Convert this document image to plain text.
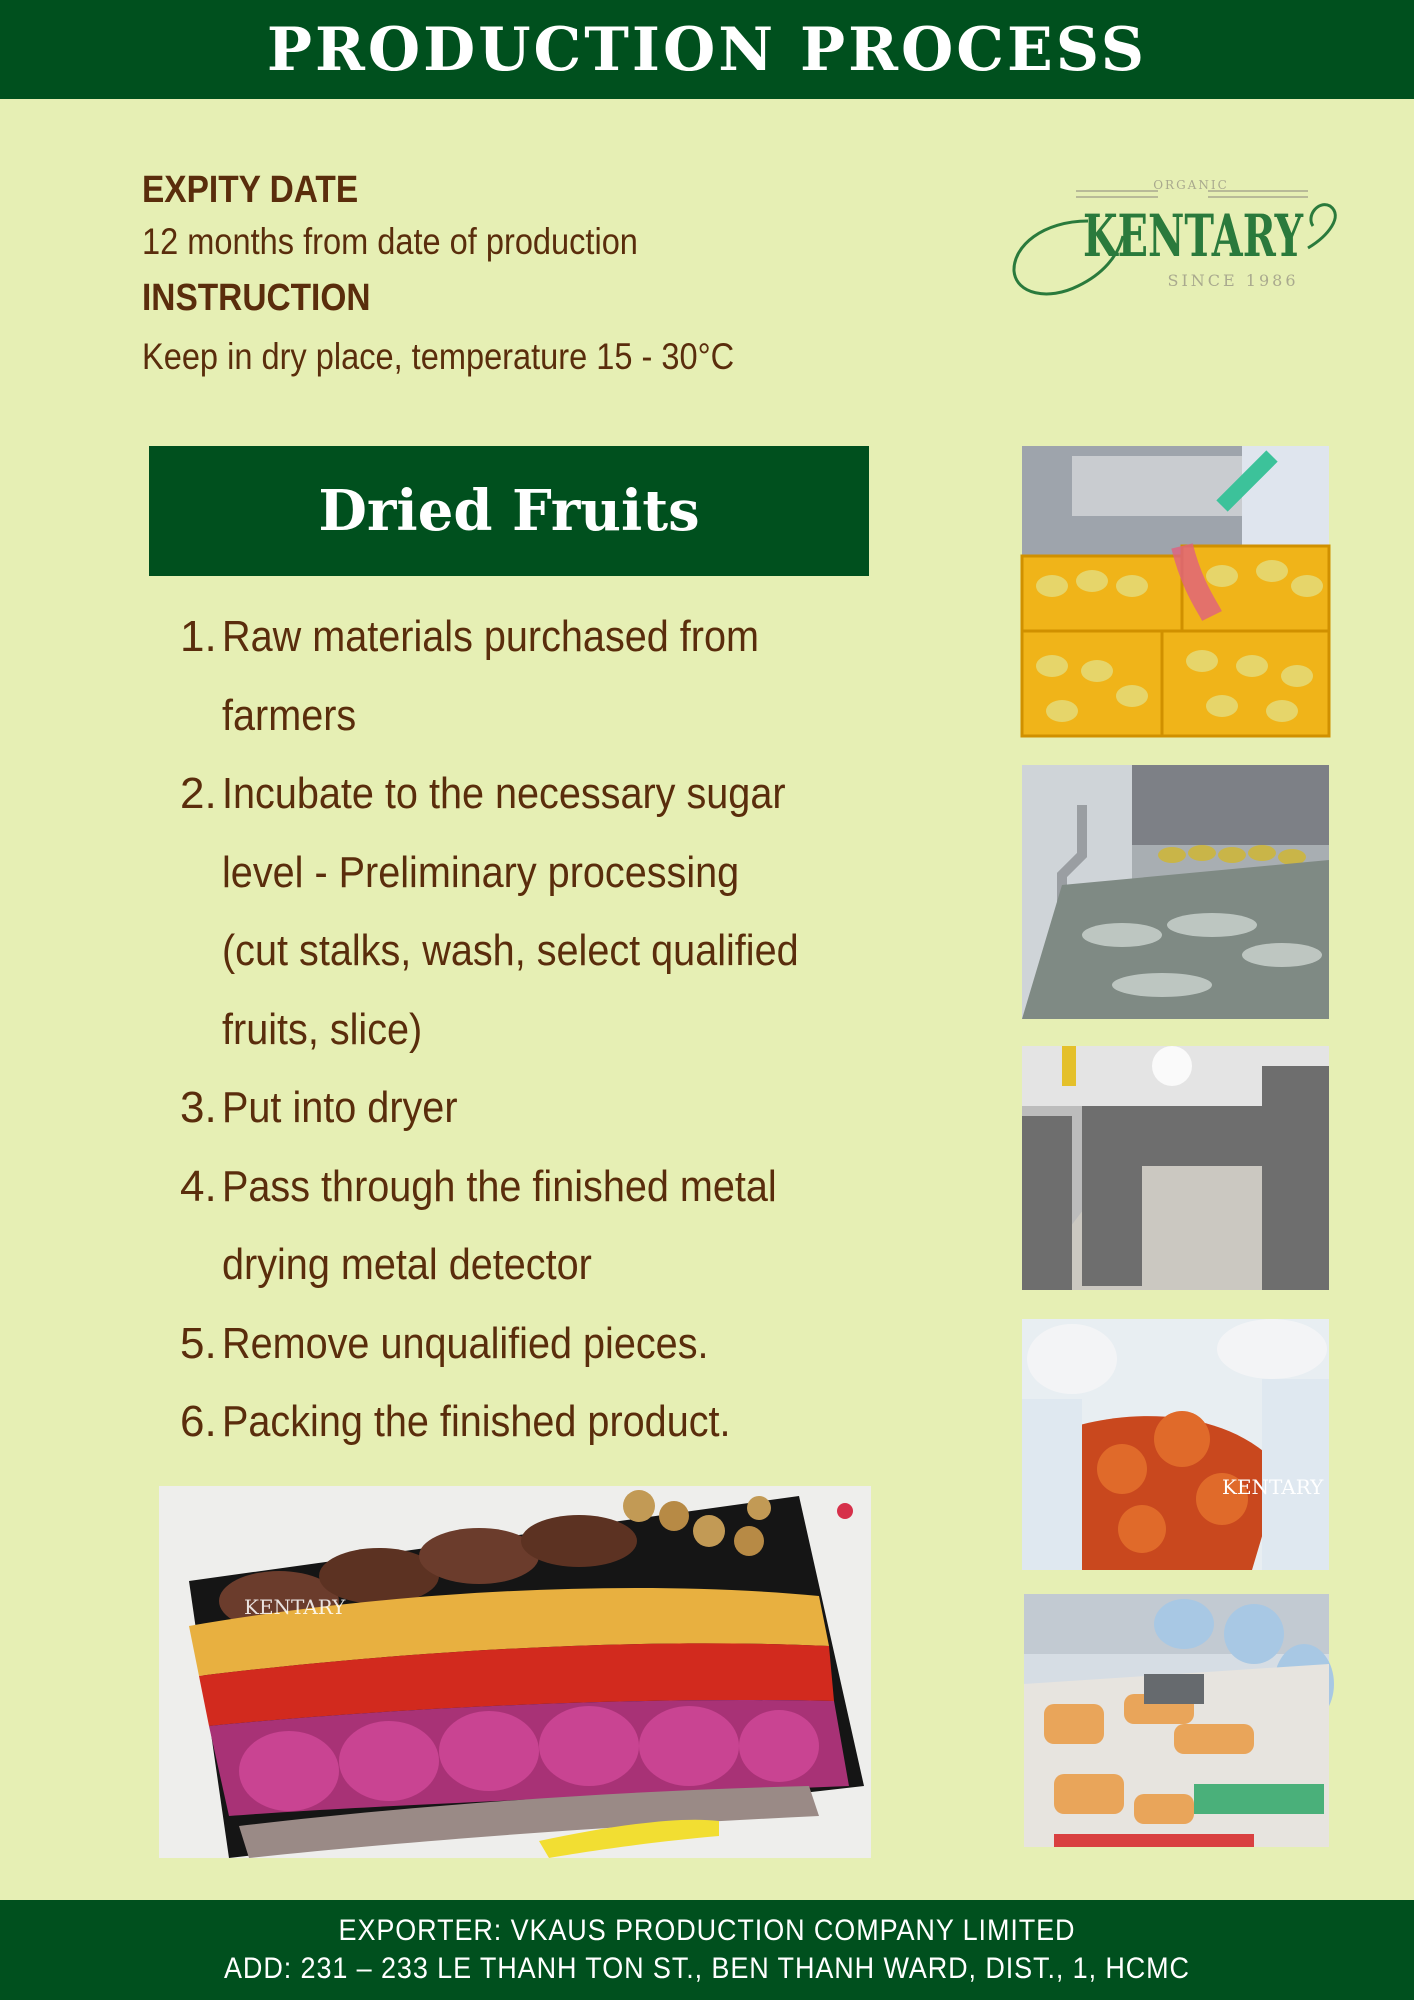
PRODUCTION PROCESS
EXPITY DATE
12 months from date of production
INSTRUCTION
Keep in dry place, temperature 15 - 30°C
ORGANIC
KENTARY
SINCE 1986
Dried Fruits
1. Raw materials purchased from farmers
2. Incubate to the necessary sugar level - Preliminary processing (cut stalks, wash, select qualified fruits, slice)
3. Put into dryer
4. Pass through the finished metal drying metal detector
5. Remove unqualified pieces.
6. Packing the finished product.
KENTARY
KENTARY
EXPORTER: VKAUS PRODUCTION COMPANY LIMITED
ADD: 231 – 233 LE THANH TON ST., BEN THANH WARD, DIST., 1, HCMC
